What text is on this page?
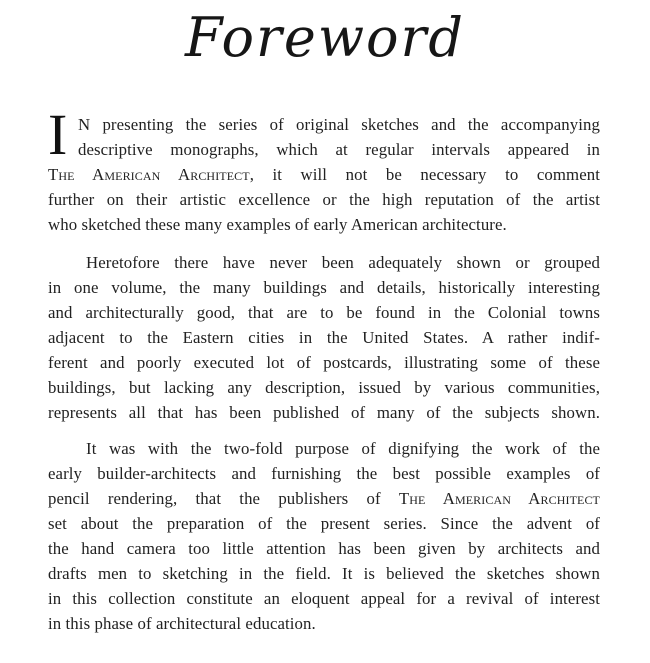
Foreword
I N presenting the series of original sketches and the accompanying
descriptive monographs, which at regular intervals appeared in
The American Architect, it will not be necessary to comment
further on their artistic excellence or the high reputation of the artist
who sketched these many examples of early American architecture.
Heretofore there have never been adequately shown or grouped
in one volume, the many buildings and details, historically interesting
and architecturally good, that are to be found in the Colonial towns
adjacent to the Eastern cities in the United States. A rather indif-
ferent and poorly executed lot of postcards, illustrating some of these
buildings, but lacking any description, issued by various communities,
represents all that has been published of many of the subjects shown.
It was with the two-fold purpose of dignifying the work of the
early builder-architects and furnishing the best possible examples of
pencil rendering, that the publishers of The American Architect
set about the preparation of the present series. Since the advent of
the hand camera too little attention has been given by architects and
drafts men to sketching in the field. It is believed the sketches shown
in this collection constitute an eloquent appeal for a revival of interest
in this phase of architectural education.
